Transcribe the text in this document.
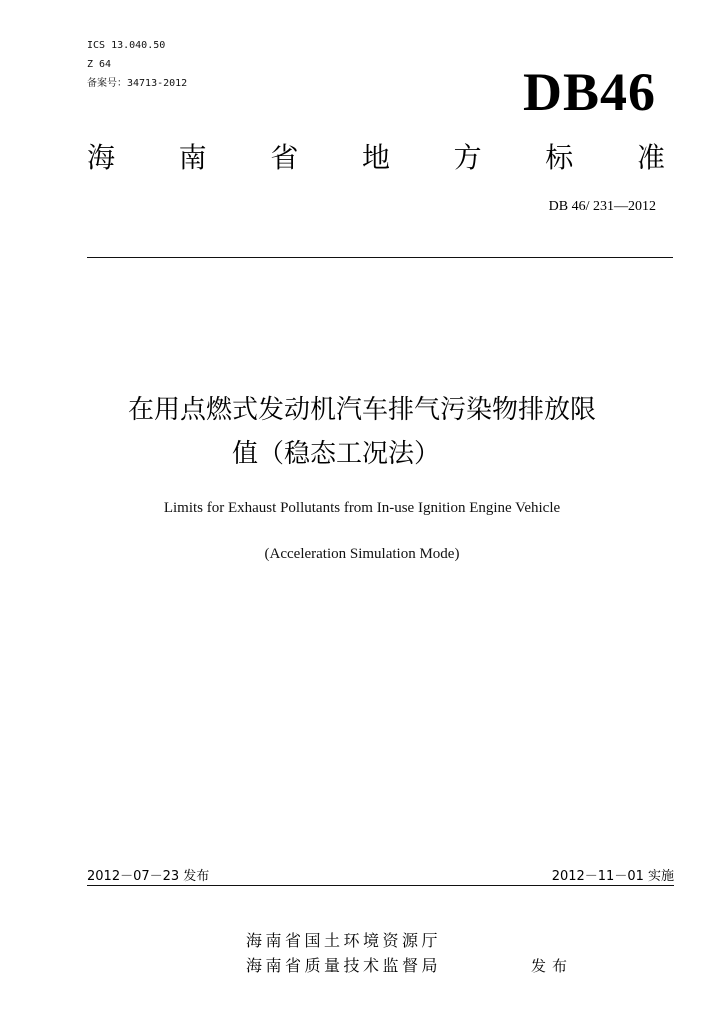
ICS 13.040.50
Z 64
备案号：34713-2012	DB46
海 南 省 地 方 标 准
DB 46/ 231—2012
在用点燃式发动机汽车排气污染物排放限
值（稳态工况法）
Limits for Exhaust Pollutants from In-use Ignition Engine Vehicle
(Acceleration Simulation Mode)
2012－07－23 发布	2012－11－01 实施
海南省国土环境资源厅
海南省质量技术监督局	发布
